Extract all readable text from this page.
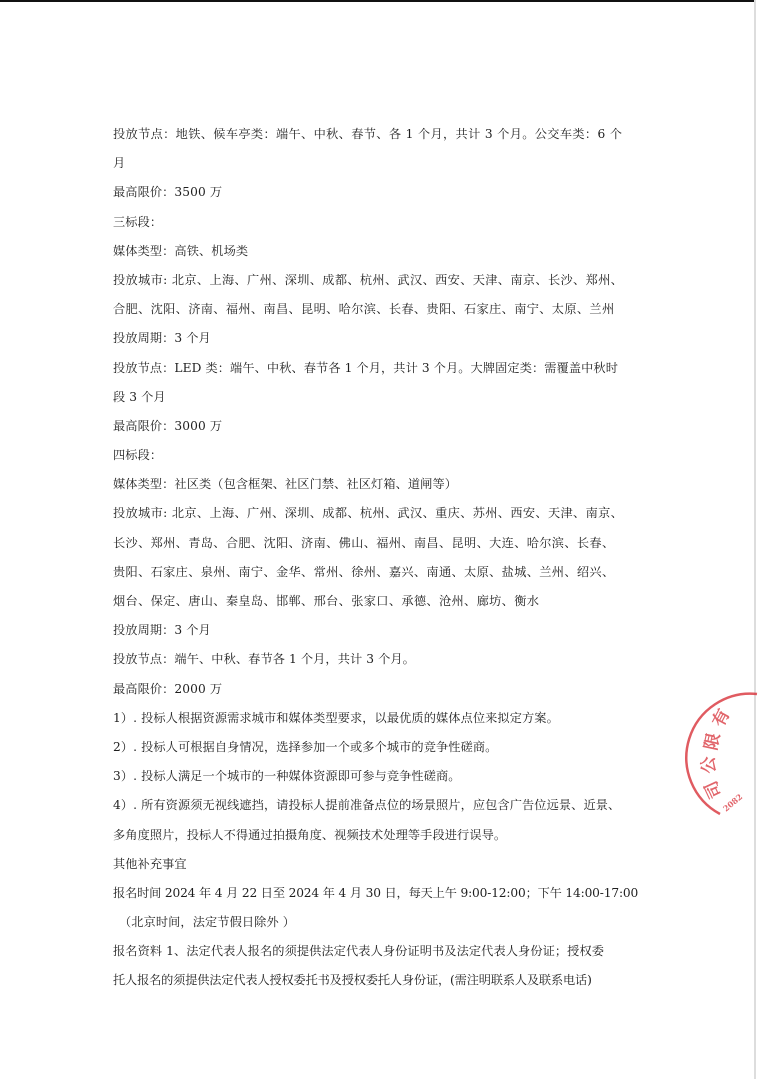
投放节点：地铁、候车亭类：端午、中秋、春节、各 1 个月，共计 3 个月。公交车类：6 个
月
最高限价：3500 万
三标段：
媒体类型：高铁、机场类
投放城市: 北京、上海、广州、深圳、成都、杭州、武汉、西安、天津、南京、长沙、郑州、
合肥、沈阳、济南、福州、南昌、昆明、哈尔滨、长春、贵阳、石家庄、南宁、太原、兰州
投放周期：3 个月
投放节点：LED 类：端午、中秋、春节各 1 个月，共计 3 个月。大牌固定类：需覆盖中秋时
段 3 个月
最高限价：3000 万
四标段：
媒体类型：社区类（包含框架、社区门禁、社区灯箱、道闸等）
投放城市: 北京、上海、广州、深圳、成都、杭州、武汉、重庆、苏州、西安、天津、南京、
长沙、郑州、青岛、合肥、沈阳、济南、佛山、福州、南昌、昆明、大连、哈尔滨、长春、
贵阳、石家庄、泉州、南宁、金华、常州、徐州、嘉兴、南通、太原、盐城、兰州、绍兴、
烟台、保定、唐山、秦皇岛、邯郸、邢台、张家口、承德、沧州、廊坊、衡水
投放周期：3 个月
投放节点：端午、中秋、春节各 1 个月，共计 3 个月。
最高限价：2000 万
1）. 投标人根据资源需求城市和媒体类型要求，以最优质的媒体点位来拟定方案。
2）. 投标人可根据自身情况，选择参加一个或多个城市的竞争性磋商。
3）. 投标人满足一个城市的一种媒体资源即可参与竞争性磋商。
4）. 所有资源须无视线遮挡，请投标人提前准备点位的场景照片，应包含广告位远景、近景、
多角度照片，投标人不得通过拍摄角度、视频技术处理等手段进行误导。
其他补充事宜
报名时间 2024 年 4 月 22 日至 2024 年 4 月 30 日，每天上午 9:00-12:00；下午 14:00-17:00
（北京时间，法定节假日除外 ）
报名资料 1、法定代表人报名的须提供法定代表人身份证明书及法定代表人身份证；授权委
托人报名的须提供法定代表人授权委托书及授权委托人身份证，(需注明联系人及联系电话)
有
限
公
司
2082
